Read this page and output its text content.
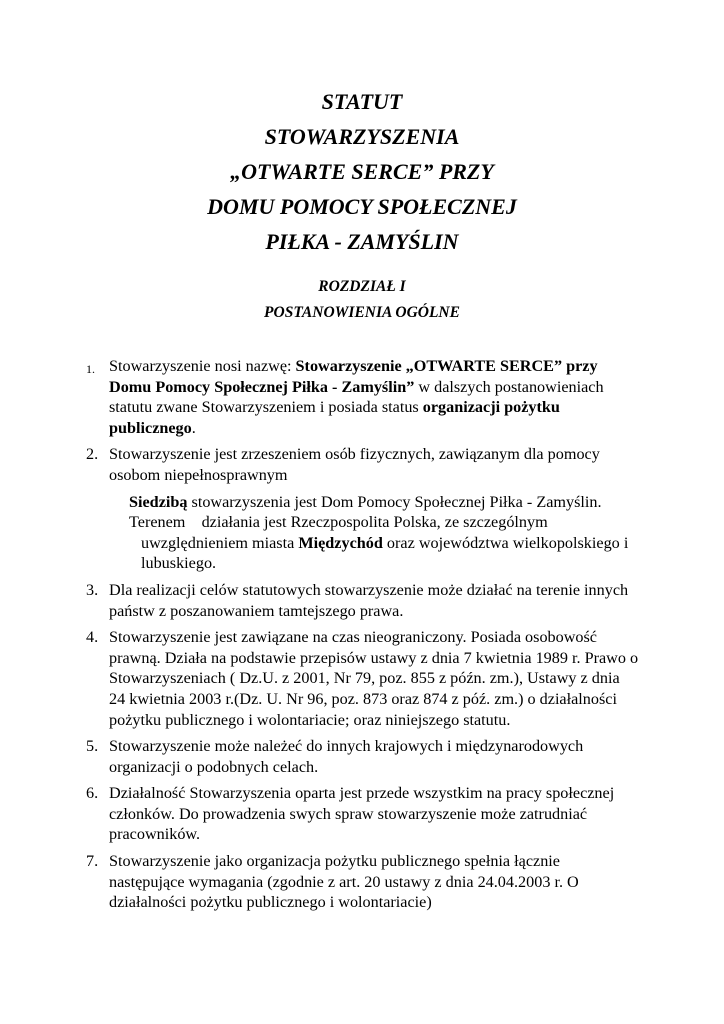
STATUT
STOWARZYSZENIA
„OTWARTE SERCE” PRZY
DOMU POMOCY SPOŁECZNEJ
PIŁKA - ZAMYŚLIN
ROZDZIAŁ I
POSTANOWIENIA OGÓLNE
1. Stowarzyszenie nosi nazwę: Stowarzyszenie „OTWARTE SERCE” przy Domu Pomocy Społecznej Piłka - Zamyślin” w dalszych postanowieniach statutu zwane Stowarzyszeniem i posiada status organizacji pożytku publicznego.
2. Stowarzyszenie jest zrzeszeniem osób fizycznych, zawiązanym dla pomocy osobom niepełnosprawnym
Siedzibą stowarzyszenia jest Dom Pomocy Społecznej Piłka - Zamyślin.
Terenem    działania jest Rzeczpospolita Polska, ze szczególnym uwzględnieniem miasta Międzychód oraz województwa wielkopolskiego i lubuskiego.
3. Dla realizacji celów statutowych stowarzyszenie może działać na terenie innych państw z poszanowaniem tamtejszego prawa.
4. Stowarzyszenie jest zawiązane na czas nieograniczony. Posiada osobowość prawną. Działa na podstawie przepisów ustawy z dnia 7 kwietnia 1989 r. Prawo o Stowarzyszeniach ( Dz.U. z 2001, Nr 79, poz. 855 z późn. zm.), Ustawy z dnia 24 kwietnia 2003 r.(Dz. U. Nr 96, poz. 873 oraz 874 z póź. zm.) o działalności pożytku publicznego i wolontariacie; oraz niniejszego statutu.
5. Stowarzyszenie może należeć do innych krajowych i międzynarodowych organizacji o podobnych celach.
6. Działalność Stowarzyszenia oparta jest przede wszystkim na pracy społecznej członków. Do prowadzenia swych spraw stowarzyszenie może zatrudniać pracowników.
7. Stowarzyszenie jako organizacja pożytku publicznego spełnia łącznie następujące wymagania (zgodnie z art. 20 ustawy z dnia 24.04.2003 r. O działalności pożytku publicznego i wolontariacie)
